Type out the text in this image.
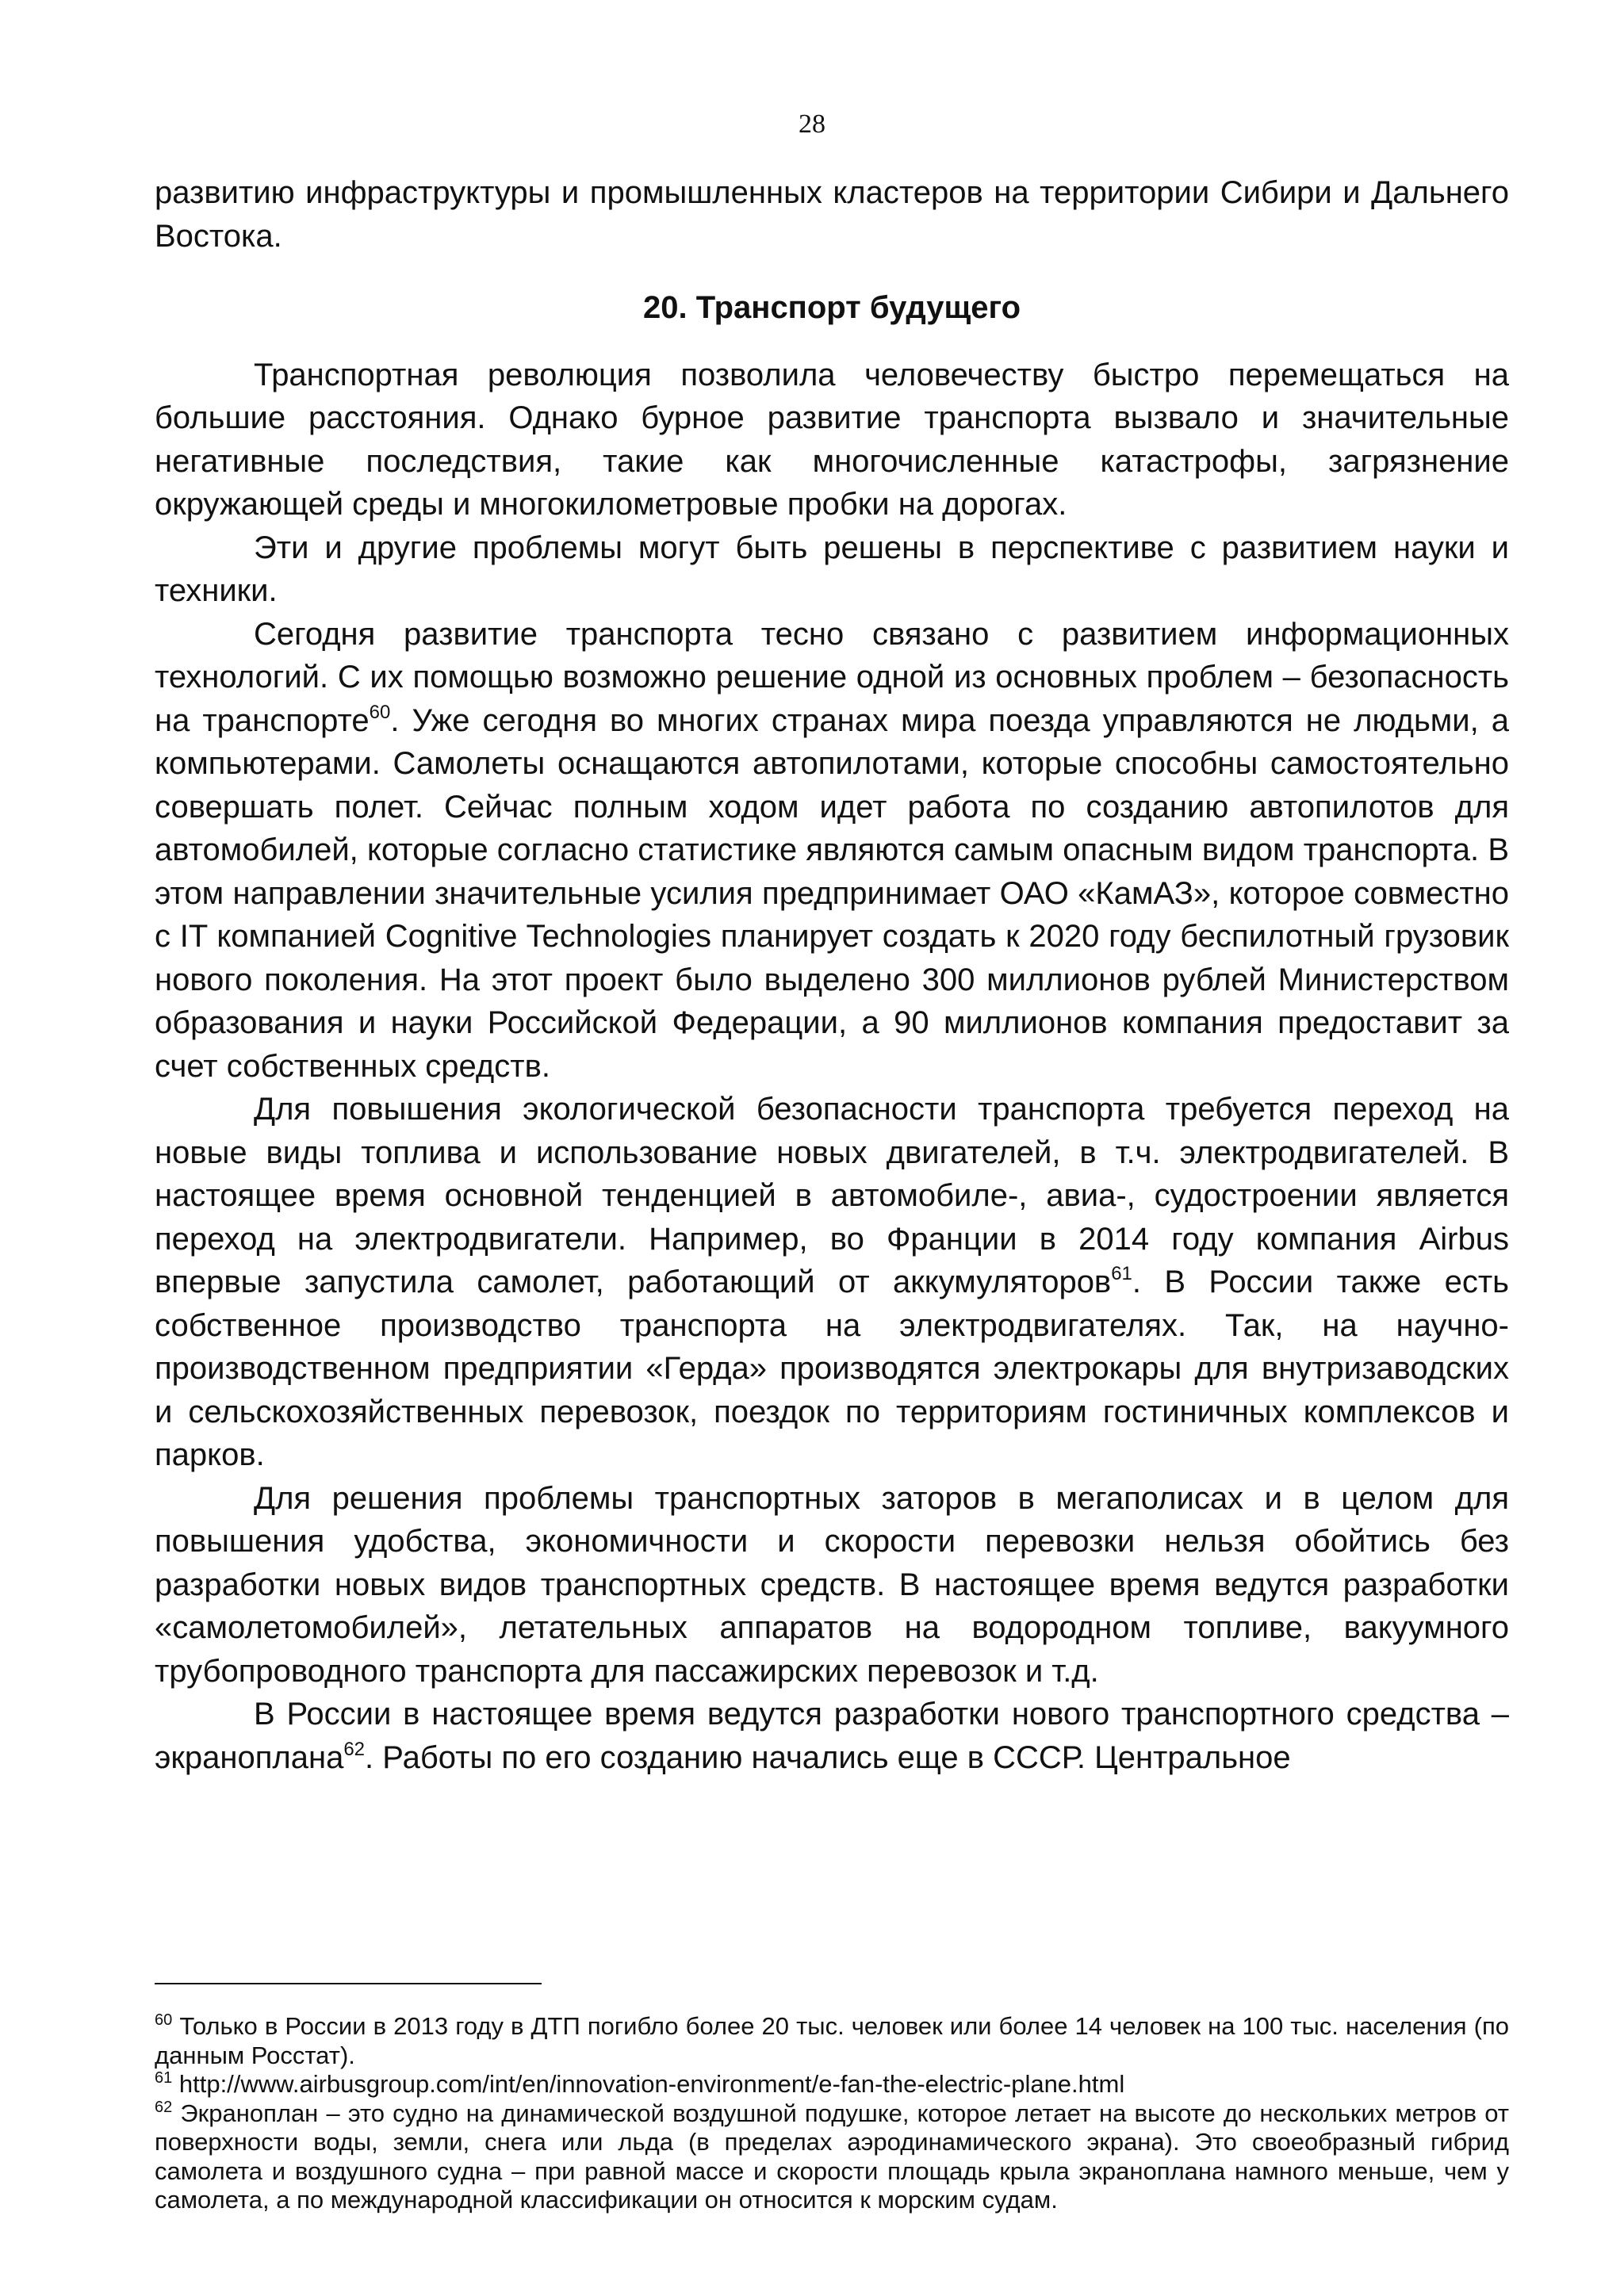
28

развитию инфраструктуры и промышленных кластеров на территории Сибири и Дальнего Востока.

20. Транспорт будущего

Транспортная революция позволила человечеству быстро перемещаться на большие расстояния. Однако бурное развитие транспорта вызвало и значительные негативные последствия, такие как многочисленные катастрофы, загрязнение окружающей среды и многокилометровые пробки на дорогах.

Эти и другие проблемы могут быть решены в перспективе с развитием науки и техники.

Сегодня развитие транспорта тесно связано с развитием информационных технологий. С их помощью возможно решение одной из основных проблем – безопасность на транспорте$^{60}$. Уже сегодня во многих странах мира поезда управляются не людьми, а компьютерами. Самолеты оснащаются автопилотами, которые способны самостоятельно совершать полет. Сейчас полным ходом идет работа по созданию автопилотов для автомобилей, которые согласно статистике являются самым опасным видом транспорта. В этом направлении значительные усилия предпринимает ОАО «КамАЗ», которое совместно с IT компанией Cognitive Technologies планирует создать к 2020 году беспилотный грузовик нового поколения. На этот проект было выделено 300 миллионов рублей Министерством образования и науки Российской Федерации, а 90 миллионов компания предоставит за счет собственных средств.

Для повышения экологической безопасности транспорта требуется переход на новые виды топлива и использование новых двигателей, в т.ч. электродвигателей. В настоящее время основной тенденцией в автомобиле-, авиа-, судостроении является переход на электродвигатели. Например, во Франции в 2014 году компания Airbus впервые запустила самолет, работающий от аккумуляторов$^{61}$. В России также есть собственное производство транспорта на электродвигателях. Так, на научно-производственном предприятии «Герда» производятся электрокары для внутризаводских и сельскохозяйственных перевозок, поездок по территориям гостиничных комплексов и парков.

Для решения проблемы транспортных заторов в мегаполисах и в целом для повышения удобства, экономичности и скорости перевозки нельзя обойтись без разработки новых видов транспортных средств. В настоящее время ведутся разработки «самолетомобилей», летательных аппаратов на водородном топливе, вакуумного трубопроводного транспорта для пассажирских перевозок и т.д.

В России в настоящее время ведутся разработки нового транспортного средства – экраноплана$^{62}$. Работы по его созданию начались еще в СССР. Центральное

$^{60}$ Только в России в 2013 году в ДТП погибло более 20 тыс. человек или более 14 человек на 100 тыс. населения (по данным Росстат).

$^{61}$ http://www.airbusgroup.com/int/en/innovation-environment/e-fan-the-electric-plane.html

$^{62}$ Экраноплан – это судно на динамической воздушной подушке, которое летает на высоте до нескольких метров от поверхности воды, земли, снега или льда (в пределах аэродинамического экрана). Это своеобразный гибрид самолета и воздушного судна – при равной массе и скорости площадь крыла экраноплана намного меньше, чем у самолета, а по международной классификации он относится к морским судам.
